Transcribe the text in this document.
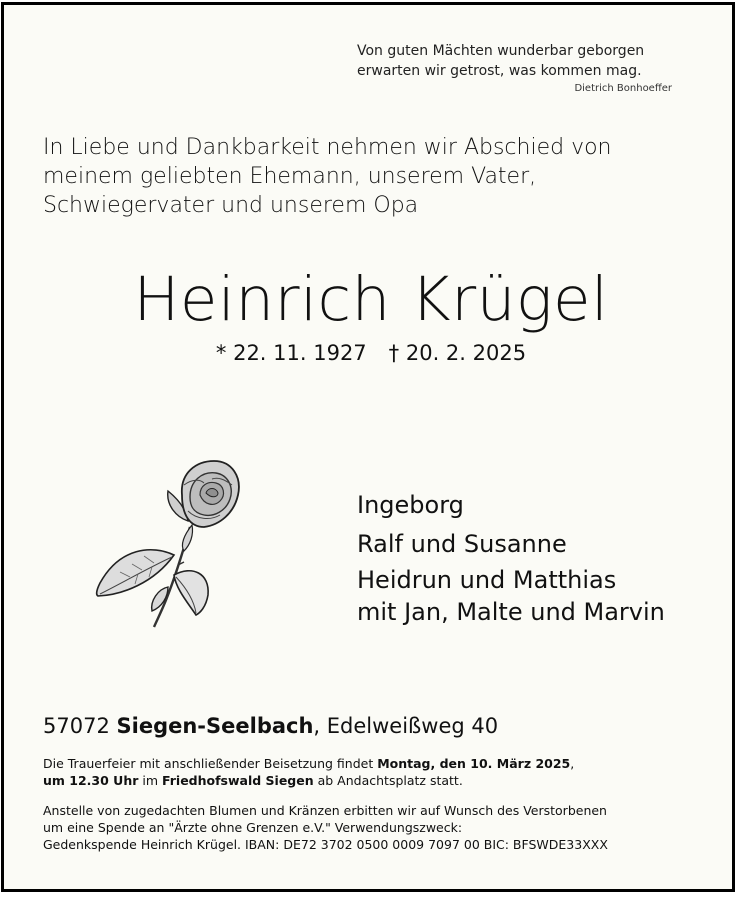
Von guten Mächten wunderbar geborgen
erwarten wir getrost, was kommen mag.
Dietrich Bonhoeffer
In Liebe und Dankbarkeit nehmen wir Abschied von
meinem geliebten Ehemann, unserem Vater,
Schwiegervater und unserem Opa
Heinrich Krügel
* 22. 11. 1927 † 20. 2. 2025
Ingeborg
Ralf und Susanne
Heidrun und Matthias
mit Jan, Malte und Marvin
57072 Siegen-Seelbach, Edelweißweg 40
Die Trauerfeier mit anschließender Beisetzung findet Montag, den 10. März 2025,
um 12.30 Uhr im Friedhofswald Siegen ab Andachtsplatz statt.
Anstelle von zugedachten Blumen und Kränzen erbitten wir auf Wunsch des Verstorbenen
um eine Spende an "Ärzte ohne Grenzen e.V." Verwendungszweck:
Gedenkspende Heinrich Krügel. IBAN: DE72 3702 0500 0009 7097 00 BIC: BFSWDE33XXX
